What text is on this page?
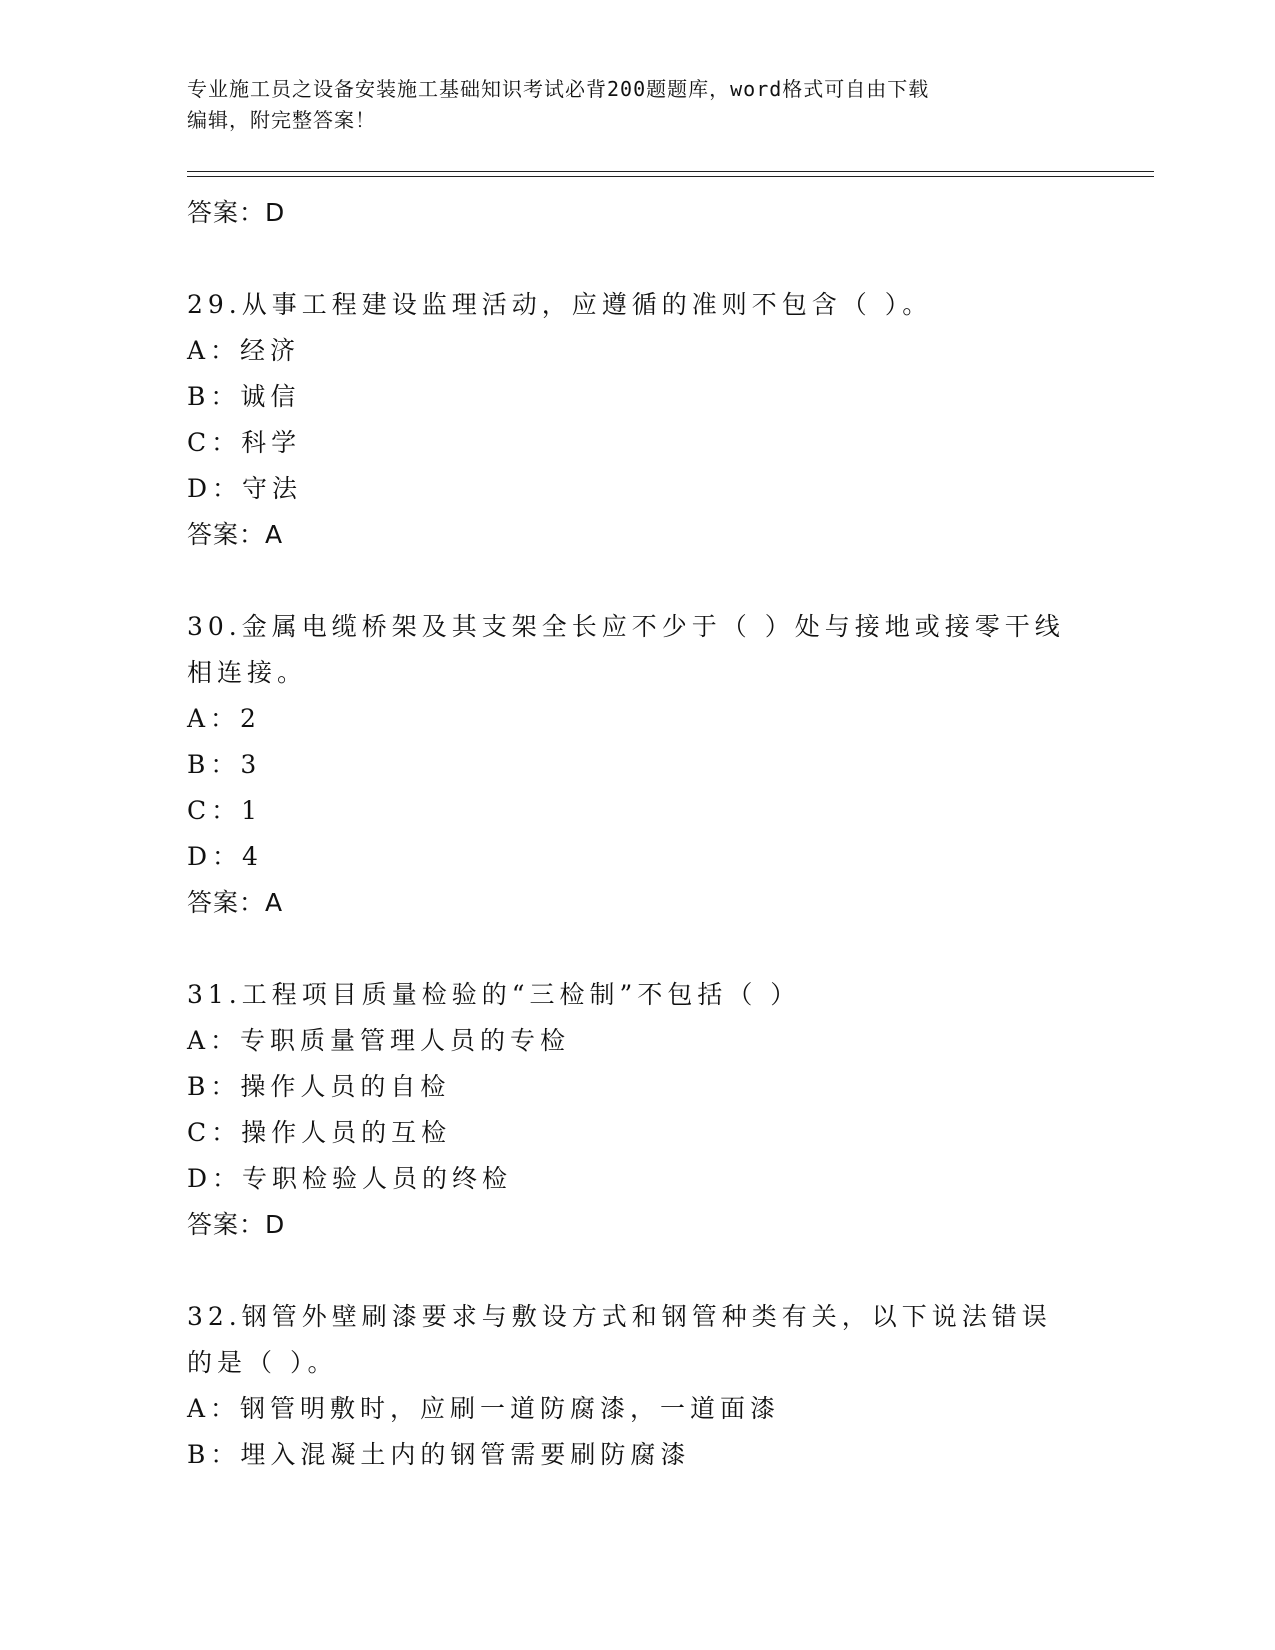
专业施工员之设备安装施工基础知识考试必背200题题库，word格式可自由下载
编辑，附完整答案！
答案：D
29.从事工程建设监理活动，应遵循的准则不包含（ ）。
A：经济
B：诚信
C：科学
D：守法
答案：A
30.金属电缆桥架及其支架全长应不少于（ ）处与接地或接零干线相连接。
A：2
B：3
C：1
D：4
答案：A
31.工程项目质量检验的“三检制”不包括（ ）
A：专职质量管理人员的专检
B：操作人员的自检
C：操作人员的互检
D：专职检验人员的终检
答案：D
32.钢管外壁刷漆要求与敷设方式和钢管种类有关，以下说法错误的是（ ）。
A：钢管明敷时，应刷一道防腐漆，一道面漆
B：埋入混凝土内的钢管需要刷防腐漆
